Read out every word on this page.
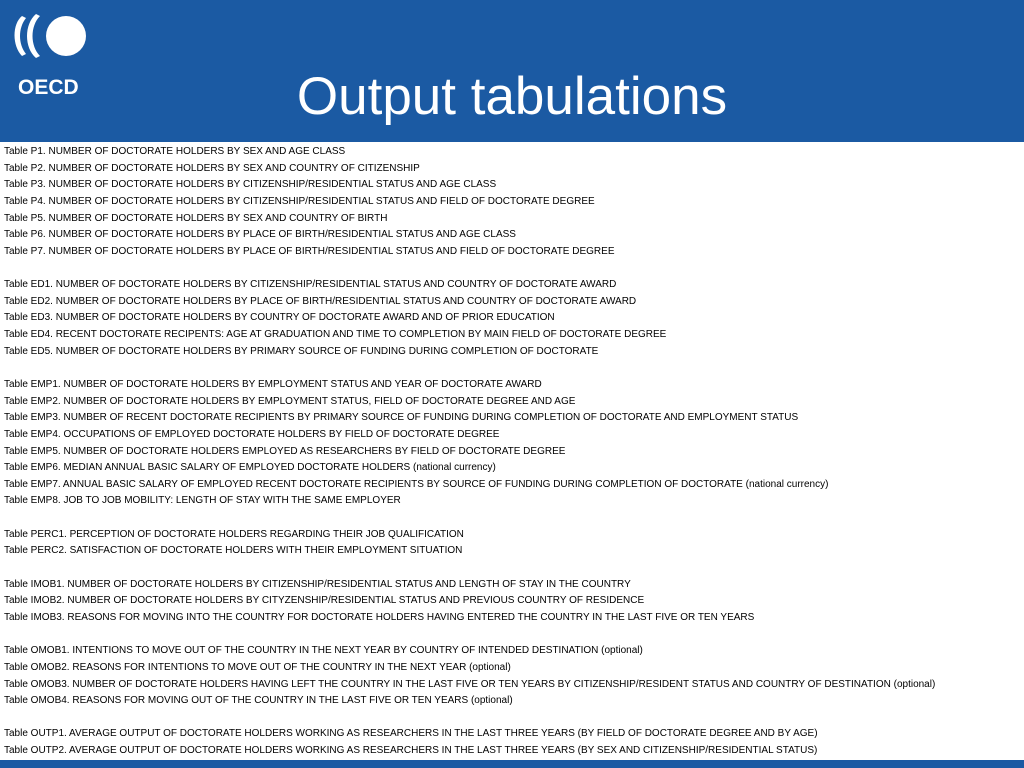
OECD	Output tabulations
Table P1. NUMBER OF DOCTORATE HOLDERS BY SEX AND AGE CLASS
Table P2. NUMBER OF DOCTORATE HOLDERS BY SEX AND COUNTRY OF CITIZENSHIP
Table P3. NUMBER OF DOCTORATE HOLDERS BY CITIZENSHIP/RESIDENTIAL STATUS AND AGE CLASS
Table P4. NUMBER OF DOCTORATE HOLDERS BY CITIZENSHIP/RESIDENTIAL STATUS AND FIELD OF DOCTORATE DEGREE
Table P5. NUMBER OF DOCTORATE HOLDERS BY SEX AND COUNTRY OF BIRTH
Table P6. NUMBER OF DOCTORATE HOLDERS BY PLACE OF BIRTH/RESIDENTIAL STATUS AND AGE CLASS
Table P7. NUMBER OF DOCTORATE HOLDERS BY PLACE OF BIRTH/RESIDENTIAL STATUS AND FIELD OF DOCTORATE DEGREE
Table ED1. NUMBER OF DOCTORATE HOLDERS BY CITIZENSHIP/RESIDENTIAL STATUS AND COUNTRY OF DOCTORATE AWARD
Table ED2. NUMBER OF DOCTORATE HOLDERS BY PLACE OF BIRTH/RESIDENTIAL STATUS AND COUNTRY OF DOCTORATE AWARD
Table ED3. NUMBER OF DOCTORATE HOLDERS BY COUNTRY OF DOCTORATE AWARD AND OF PRIOR EDUCATION
Table ED4. RECENT DOCTORATE RECIPENTS: AGE AT GRADUATION AND TIME TO COMPLETION BY MAIN FIELD OF DOCTORATE DEGREE
Table ED5. NUMBER OF DOCTORATE HOLDERS BY PRIMARY SOURCE OF FUNDING DURING COMPLETION OF DOCTORATE
Table EMP1. NUMBER OF DOCTORATE HOLDERS BY EMPLOYMENT STATUS AND YEAR OF DOCTORATE AWARD
Table EMP2. NUMBER OF DOCTORATE HOLDERS BY EMPLOYMENT STATUS, FIELD OF DOCTORATE DEGREE AND AGE
Table EMP3. NUMBER OF RECENT DOCTORATE RECIPIENTS BY PRIMARY SOURCE OF FUNDING DURING COMPLETION OF DOCTORATE AND EMPLOYMENT STATUS
Table EMP4. OCCUPATIONS OF EMPLOYED DOCTORATE HOLDERS BY FIELD OF DOCTORATE DEGREE
Table EMP5. NUMBER OF DOCTORATE HOLDERS EMPLOYED AS RESEARCHERS BY FIELD OF DOCTORATE DEGREE
Table EMP6. MEDIAN ANNUAL BASIC SALARY OF EMPLOYED DOCTORATE HOLDERS (national currency)
Table EMP7. ANNUAL BASIC SALARY OF EMPLOYED RECENT DOCTORATE RECIPIENTS BY SOURCE OF FUNDING DURING COMPLETION OF DOCTORATE (national currency)
Table EMP8. JOB TO JOB MOBILITY: LENGTH OF STAY WITH THE SAME EMPLOYER
Table PERC1. PERCEPTION OF DOCTORATE HOLDERS REGARDING THEIR JOB QUALIFICATION
Table PERC2. SATISFACTION OF DOCTORATE HOLDERS WITH THEIR EMPLOYMENT SITUATION
Table IMOB1. NUMBER OF DOCTORATE HOLDERS BY CITIZENSHIP/RESIDENTIAL STATUS AND LENGTH OF STAY IN THE COUNTRY
Table IMOB2. NUMBER OF DOCTORATE HOLDERS BY CITYZENSHIP/RESIDENTIAL STATUS AND PREVIOUS COUNTRY OF RESIDENCE
Table IMOB3. REASONS FOR MOVING INTO THE COUNTRY FOR DOCTORATE HOLDERS HAVING ENTERED THE COUNTRY IN THE LAST FIVE OR TEN YEARS
Table OMOB1. INTENTIONS TO MOVE OUT OF THE COUNTRY IN THE NEXT YEAR BY COUNTRY OF INTENDED DESTINATION (optional)
Table OMOB2. REASONS FOR INTENTIONS TO MOVE OUT OF THE COUNTRY IN THE NEXT YEAR (optional)
Table OMOB3. NUMBER OF DOCTORATE HOLDERS HAVING LEFT THE COUNTRY IN THE LAST FIVE OR TEN YEARS BY CITIZENSHIP/RESIDENT STATUS AND COUNTRY OF DESTINATION (optional)
Table OMOB4. REASONS FOR MOVING OUT OF THE COUNTRY IN THE LAST FIVE OR TEN YEARS (optional)
Table OUTP1. AVERAGE OUTPUT OF DOCTORATE HOLDERS WORKING AS RESEARCHERS IN THE LAST THREE YEARS (BY FIELD OF DOCTORATE DEGREE AND BY AGE)
Table OUTP2. AVERAGE OUTPUT OF DOCTORATE HOLDERS WORKING AS RESEARCHERS IN THE LAST THREE YEARS (BY SEX AND CITIZENSHIP/RESIDENTIAL STATUS)
